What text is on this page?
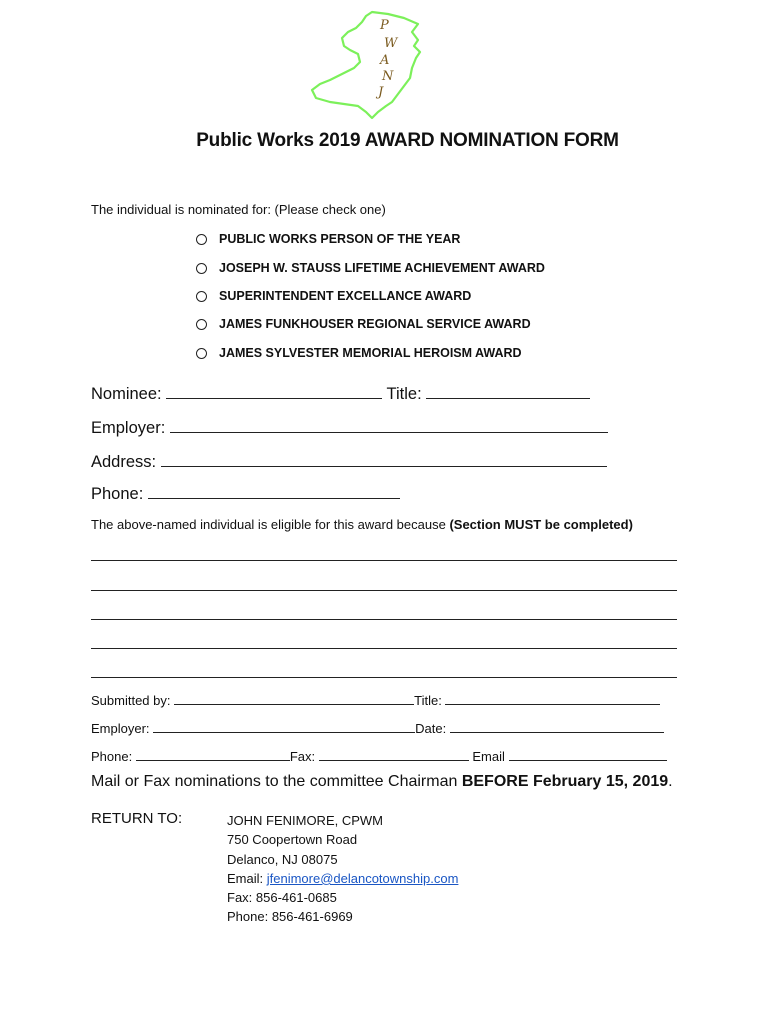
P
W
A
N
J
Public Works 2019 AWARD NOMINATION FORM
The individual is nominated for: (Please check one)
PUBLIC WORKS PERSON OF THE YEAR
JOSEPH W. STAUSS LIFETIME ACHIEVEMENT AWARD
SUPERINTENDENT EXCELLANCE AWARD
JAMES FUNKHOUSER REGIONAL SERVICE AWARD
JAMES SYLVESTER MEMORIAL HEROISM AWARD
Nominee:	Title:
Employer:
Address:
Phone:
The above-named individual is eligible for this award because (Section MUST be completed)
Submitted by:	Title:
Employer:	Date:
Phone:	Fax:	Email
Mail or Fax nominations to the committee Chairman BEFORE February 15, 2019.
RETURN TO:	JOHN FENIMORE, CPWM
750 Coopertown Road
Delanco, NJ 08075
Email: jfenimore@delancotownship.com
Fax: 856-461-0685
Phone: 856-461-6969
